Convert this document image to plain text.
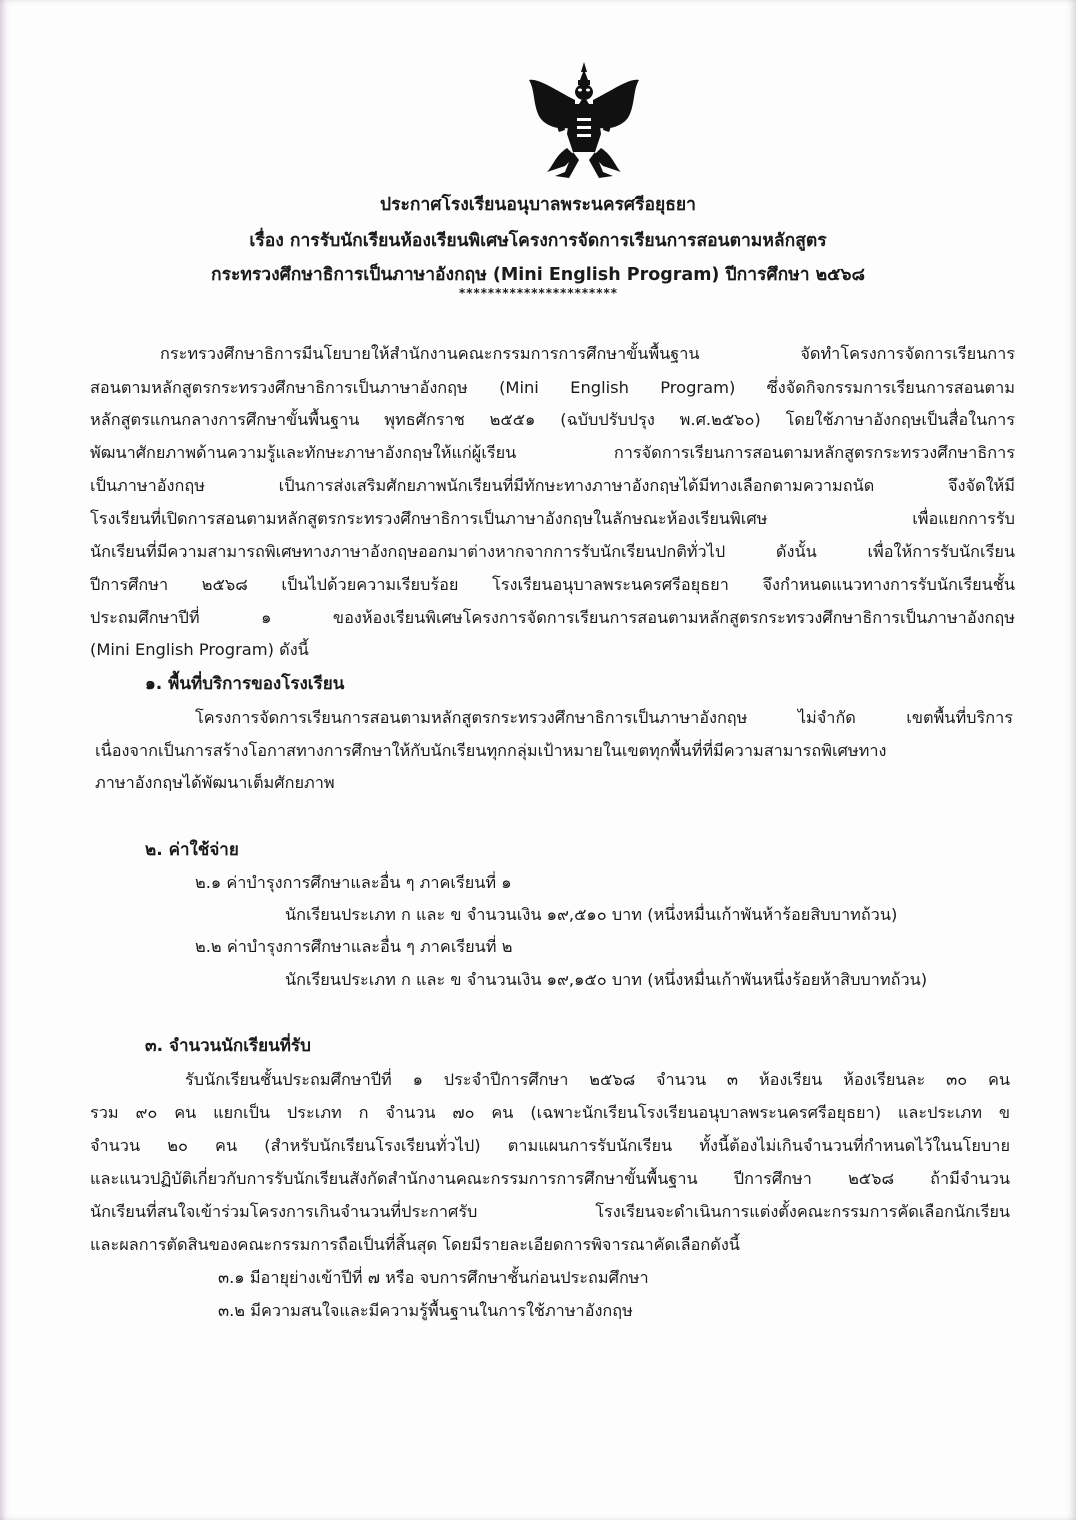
ประกาศโรงเรียนอนุบาลพระนครศรีอยุธยา
เรื่อง การรับนักเรียนห้องเรียนพิเศษโครงการจัดการเรียนการสอนตามหลักสูตร
กระทรวงศึกษาธิการเป็นภาษาอังกฤษ (Mini English Program) ปีการศึกษา ๒๕๖๘
**********************
กระทรวงศึกษาธิการมีนโยบายให้สำนักงานคณะกรรมการการศึกษาขั้นพื้นฐาน จัดทำโครงการจัดการเรียนการ
สอนตามหลักสูตรกระทรวงศึกษาธิการเป็นภาษาอังกฤษ (Mini English Program) ซึ่งจัดกิจกรรมการเรียนการสอนตาม
หลักสูตรแกนกลางการศึกษาขั้นพื้นฐาน พุทธศักราช ๒๕๕๑ (ฉบับปรับปรุง พ.ศ.๒๕๖๐) โดยใช้ภาษาอังกฤษเป็นสื่อในการ
พัฒนาศักยภาพด้านความรู้และทักษะภาษาอังกฤษให้แก่ผู้เรียน การจัดการเรียนการสอนตามหลักสูตรกระทรวงศึกษาธิการ
เป็นภาษาอังกฤษ เป็นการส่งเสริมศักยภาพนักเรียนที่มีทักษะทางภาษาอังกฤษได้มีทางเลือกตามความถนัด จึงจัดให้มี
โรงเรียนที่เปิดการสอนตามหลักสูตรกระทรวงศึกษาธิการเป็นภาษาอังกฤษในลักษณะห้องเรียนพิเศษ เพื่อแยกการรับ
นักเรียนที่มีความสามารถพิเศษทางภาษาอังกฤษออกมาต่างหากจากการรับนักเรียนปกติทั่วไป ดังนั้น เพื่อให้การรับนักเรียน
ปีการศึกษา ๒๕๖๘ เป็นไปด้วยความเรียบร้อย โรงเรียนอนุบาลพระนครศรีอยุธยา จึงกำหนดแนวทางการรับนักเรียนชั้น
ประถมศึกษาปีที่ ๑ ของห้องเรียนพิเศษโครงการจัดการเรียนการสอนตามหลักสูตรกระทรวงศึกษาธิการเป็นภาษาอังกฤษ
(Mini English Program) ดังนี้
๑. พื้นที่บริการของโรงเรียน
โครงการจัดการเรียนการสอนตามหลักสูตรกระทรวงศึกษาธิการเป็นภาษาอังกฤษ ไม่จำกัด เขตพื้นที่บริการ
เนื่องจากเป็นการสร้างโอกาสทางการศึกษาให้กับนักเรียนทุกกลุ่มเป้าหมายในเขตทุกพื้นที่ที่มีความสามารถพิเศษทาง
ภาษาอังกฤษได้พัฒนาเต็มศักยภาพ
๒. ค่าใช้จ่าย
๒.๑ ค่าบำรุงการศึกษาและอื่น ๆ ภาคเรียนที่ ๑
นักเรียนประเภท ก และ ข จำนวนเงิน ๑๙,๕๑๐ บาท (หนึ่งหมื่นเก้าพันห้าร้อยสิบบาทถ้วน)
๒.๒ ค่าบำรุงการศึกษาและอื่น ๆ ภาคเรียนที่ ๒
นักเรียนประเภท ก และ ข จำนวนเงิน ๑๙,๑๕๐ บาท (หนึ่งหมื่นเก้าพันหนึ่งร้อยห้าสิบบาทถ้วน)
๓. จำนวนนักเรียนที่รับ
รับนักเรียนชั้นประถมศึกษาปีที่ ๑ ประจำปีการศึกษา ๒๕๖๘ จำนวน ๓ ห้องเรียน ห้องเรียนละ ๓๐ คน
รวม ๙๐ คน แยกเป็น ประเภท ก จำนวน ๗๐ คน (เฉพาะนักเรียนโรงเรียนอนุบาลพระนครศรีอยุธยา) และประเภท ข
จำนวน ๒๐ คน (สำหรับนักเรียนโรงเรียนทั่วไป) ตามแผนการรับนักเรียน ทั้งนี้ต้องไม่เกินจำนวนที่กำหนดไว้ในนโยบาย
และแนวปฏิบัติเกี่ยวกับการรับนักเรียนสังกัดสำนักงานคณะกรรมการการศึกษาขั้นพื้นฐาน ปีการศึกษา ๒๕๖๘ ถ้ามีจำนวน
นักเรียนที่สนใจเข้าร่วมโครงการเกินจำนวนที่ประกาศรับ โรงเรียนจะดำเนินการแต่งตั้งคณะกรรมการคัดเลือกนักเรียน
และผลการตัดสินของคณะกรรมการถือเป็นที่สิ้นสุด โดยมีรายละเอียดการพิจารณาคัดเลือกดังนี้
๓.๑ มีอายุย่างเข้าปีที่ ๗ หรือ จบการศึกษาชั้นก่อนประถมศึกษา
๓.๒ มีความสนใจและมีความรู้พื้นฐานในการใช้ภาษาอังกฤษ
